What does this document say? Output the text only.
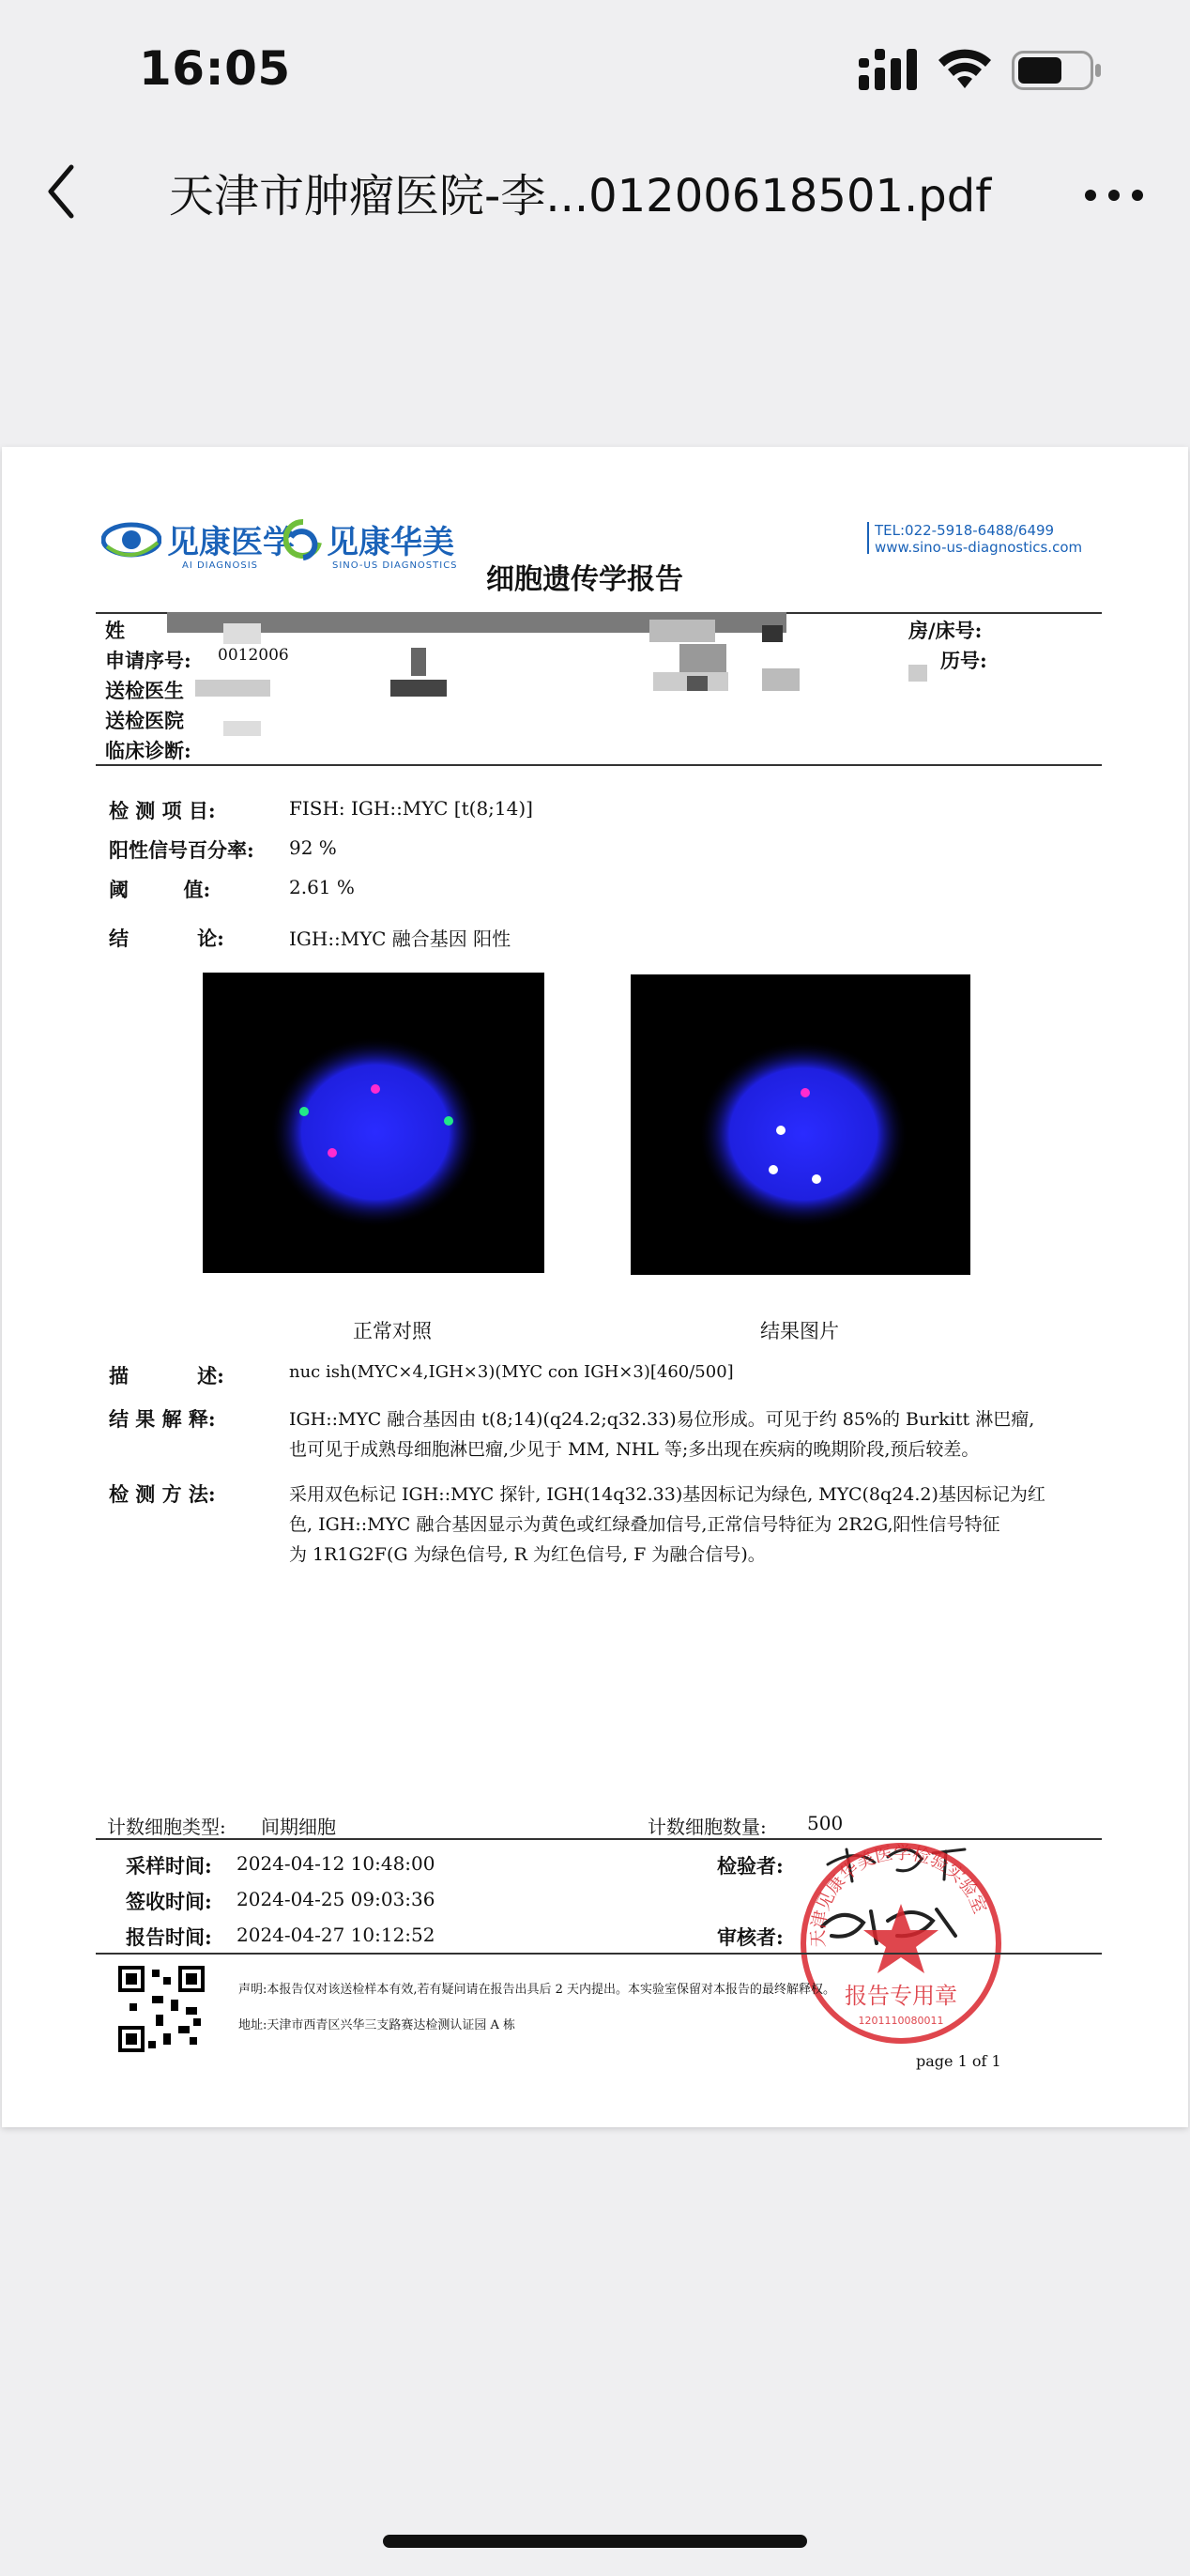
16:05
天津市肿瘤医院-李...01200618501.pdf
见康医学
AI DIAGNOSIS
见康华美
SINO-US DIAGNOSTICS
TEL:022-5918-6488/6499
www.sino-us-diagnostics.com
细胞遗传学报告
姓
申请序号: 0012006
送检医生
送检医院
临床诊断:
房/床号:
历号:
检 测 项 目:	FISH: IGH::MYC [t(8;14)]
阳性信号百分率: 92 %
阈        值:	2.61 %
结          论:	IGH::MYC 融合基因 阳性
正常对照	结果图片
描          述:	nuc ish(MYC×4,IGH×3)(MYC con IGH×3)[460/500]
结 果 解 释:	IGH::MYC 融合基因由 t(8;14)(q24.2;q32.33)易位形成。可见于约 85%的 Burkitt 淋巴瘤,
也可见于成熟母细胞淋巴瘤,少见于 MM, NHL 等;多出现在疾病的晚期阶段,预后较差。
检 测 方 法:	采用双色标记 IGH::MYC 探针, IGH(14q32.33)基因标记为绿色, MYC(8q24.2)基因标记为红
色, IGH::MYC 融合基因显示为黄色或红绿叠加信号,正常信号特征为 2R2G,阳性信号特征
为 1R1G2F(G 为绿色信号, R 为红色信号, F 为融合信号)。
计数细胞类型: 间期细胞	计数细胞数量: 500
采样时间: 2024-04-12 10:48:00
签收时间: 2024-04-25 09:03:36
报告时间: 2024-04-27 10:12:52
检验者:
审核者: 天津见康华美医学检验实验室
报告专用章
1201110080011
声明:本报告仅对该送检样本有效,若有疑问请在报告出具后 2 天内提出。本实验室保留对本报告的最终解释权。
地址:天津市西青区兴华三支路赛达检测认证园 A 栋
page 1 of 1
